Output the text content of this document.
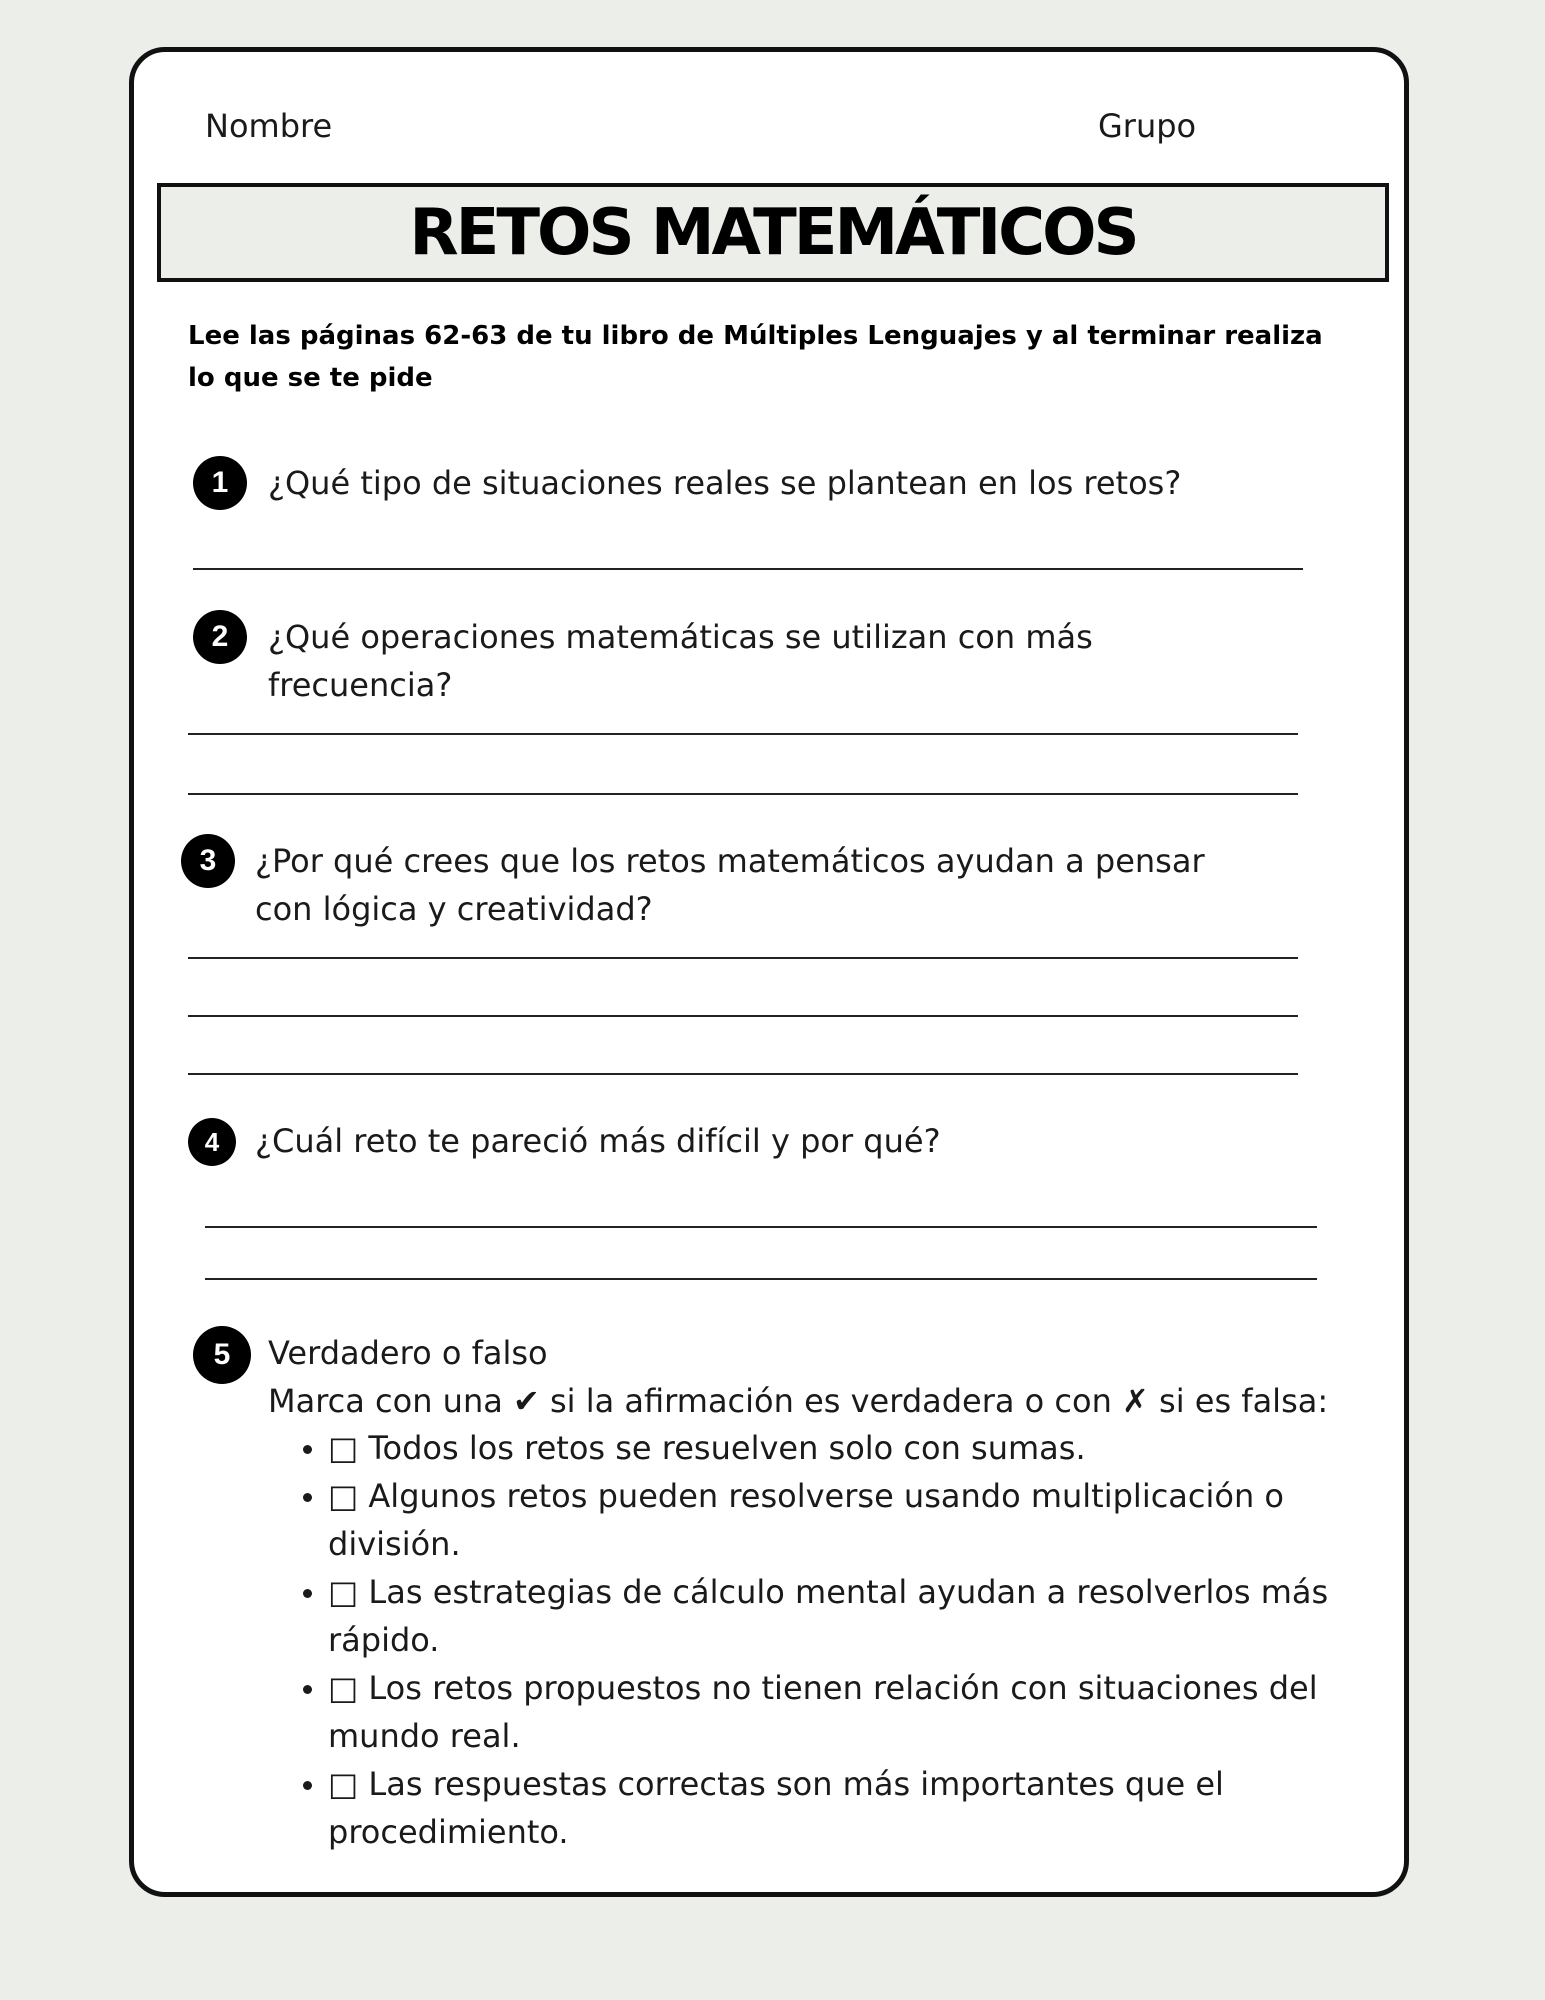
Nombre	Grupo
RETOS MATEMÁTICOS
Lee las páginas 62-63 de tu libro de Múltiples Lenguajes y al terminar realiza lo que se te pide
1	¿Qué tipo de situaciones reales se plantean en los retos?
2	¿Qué operaciones matemáticas se utilizan con más
frecuencia?
3	¿Por qué crees que los retos matemáticos ayudan a pensar
con lógica y creatividad?
4	¿Cuál reto te pareció más difícil y por qué?
5	Verdadero o falso
Marca con una ✔ si la afirmación es verdadera o con ✗ si es falsa:
• □ Todos los retos se resuelven solo con sumas.
• □ Algunos retos pueden resolverse usando multiplicación o división.
• □ Las estrategias de cálculo mental ayudan a resolverlos más rápido.
• □ Los retos propuestos no tienen relación con situaciones del mundo real.
• □ Las respuestas correctas son más importantes que el procedimiento.
